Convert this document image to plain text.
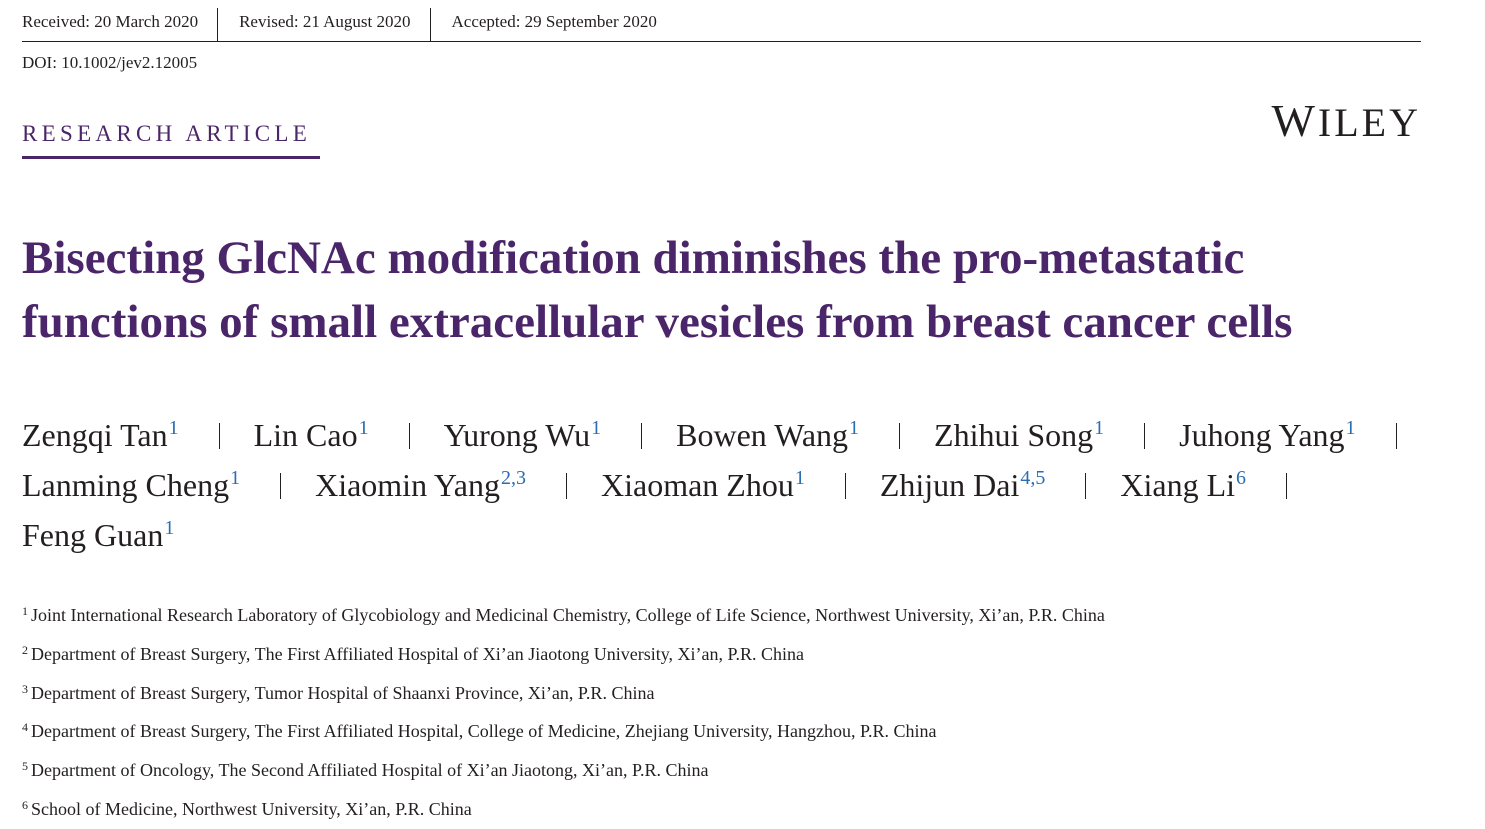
Received: 20 March 2020	Revised: 21 August 2020	Accepted: 29 September 2020
DOI: 10.1002/jev2.12005
RESEARCH ARTICLE	WILEY
Bisecting GlcNAc modification diminishes the pro-metastatic
functions of small extracellular vesicles from breast cancer cells
Zengqi Tan$^1$ Lin Cao$^1$ Yurong Wu$^1$ Bowen Wang$^1$ Zhihui Song$^1$ Juhong Yang$^1$
Lanming Cheng$^1$ Xiaomin Yang$^{2,3}$ Xiaoman Zhou$^1$ Zhijun Dai$^{4,5}$ Xiang Li$^6$
Feng Guan$^1$
$^1$ Joint International Research Laboratory of Glycobiology and Medicinal Chemistry, College of Life Science, Northwest University, Xi’an, P.R. China
$^2$ Department of Breast Surgery, The First Affiliated Hospital of Xi’an Jiaotong University, Xi’an, P.R. China
$^3$ Department of Breast Surgery, Tumor Hospital of Shaanxi Province, Xi’an, P.R. China
$^4$ Department of Breast Surgery, The First Affiliated Hospital, College of Medicine, Zhejiang University, Hangzhou, P.R. China
$^5$ Department of Oncology, The Second Affiliated Hospital of Xi’an Jiaotong, Xi’an, P.R. China
$^6$ School of Medicine, Northwest University, Xi’an, P.R. China
